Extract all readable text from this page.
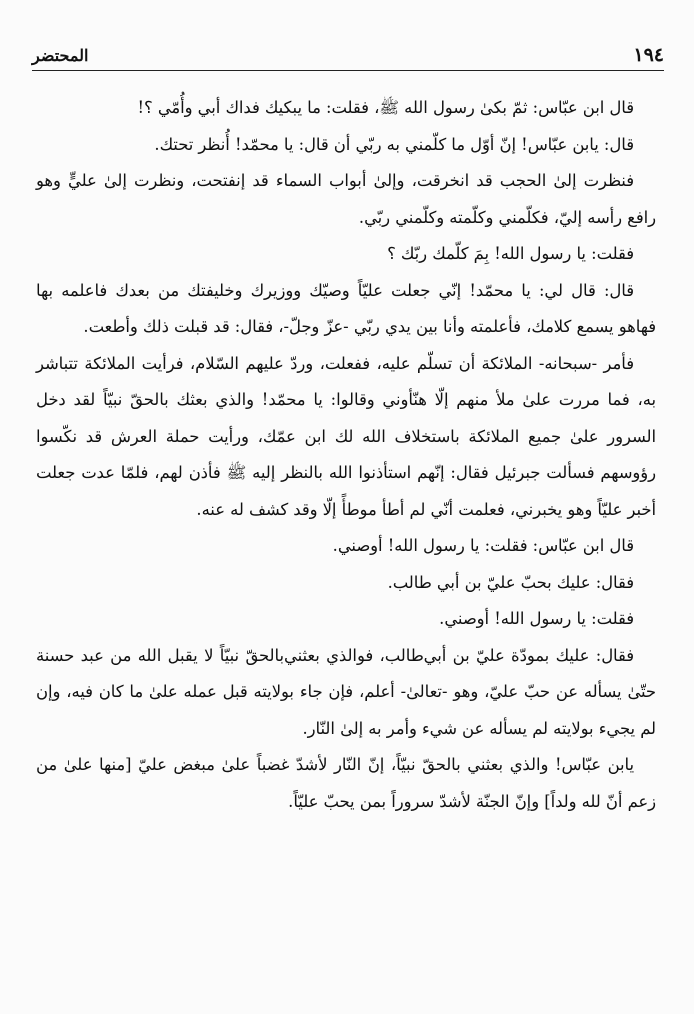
١٩٤
المحتضر

قال ابن عبّاس: ثمّ بكىٰ رسول الله ﷺ، فقلت: ما يبكيك فداك أبي وأُمّي ؟!

قال: يابن عبّاس! إنّ أوّل ما كلّمني به ربّي أن قال: يا محمّد! أُنظر تحتك.

فنظرت إلىٰ الحجب قد انخرقت، وإلىٰ أبواب السماء قد إنفتحت، ونظرت إلىٰ عليٍّ وهو رافع رأسه إليّ، فكلّمني وكلّمته وكلّمني ربّي.

فقلت: يا رسول الله! بِمَ كلّمك ربّك ؟

قال: قال لي: يا محمّد! إنّي جعلت عليّاً وصيّك ووزيرك وخليفتك من بعدك فاعلمه بها فهاهو يسمع كلامك، فأعلمته وأنا بين يدي ربّي -عزّ وجلّ-، فقال: قد قبلت ذلك وأطعت.

فأمر -سبحانه- الملائكة أن تسلّم عليه، ففعلت، وردّ عليهم السّلام، فرأيت الملائكة تتباشر به، فما مررت علىٰ ملأ منهم إلّا هنّأوني وقالوا: يا محمّد! والذي بعثك بالحقّ نبيّاً لقد دخل السرور علىٰ جميع الملائكة باستخلاف الله لك ابن عمّك، ورأيت حملة العرش قد نكّسوا رؤوسهم فسألت جبرئيل فقال: إنّهم استأذنوا الله بالنظر إليه ﷺ فأذن لهم، فلمّا عدت جعلت أخبر عليّاً وهو يخبرني، فعلمت أنّي لم أطأ موطأً إلّا وقد كشف له عنه.

قال ابن عبّاس: فقلت: يا رسول الله! أوصني.

فقال: عليك بحبّ عليّ بن أبي طالب.

فقلت: يا رسول الله! أوصني.

فقال: عليك بمودّة عليّ بن أبي‌طالب، فوالذي بعثني‌بالحقّ نبيّاً لا يقبل الله من عبد حسنة حتّىٰ يسأله عن حبّ عليّ، وهو -تعالىٰ- أعلم، فإن جاء بولايته قبل عمله علىٰ ما كان فيه، وإن لم يجيء بولايته لم يسأله عن شيء وأمر به إلىٰ النّار.

يابن عبّاس! والذي بعثني بالحقّ نبيّاً، إنّ النّار لأشدّ غضباً علىٰ مبغض عليّ [منها علىٰ من زعم أنّ لله ولداً] وإنّ الجنّة لأشدّ سروراً بمن يحبّ عليّاً.
